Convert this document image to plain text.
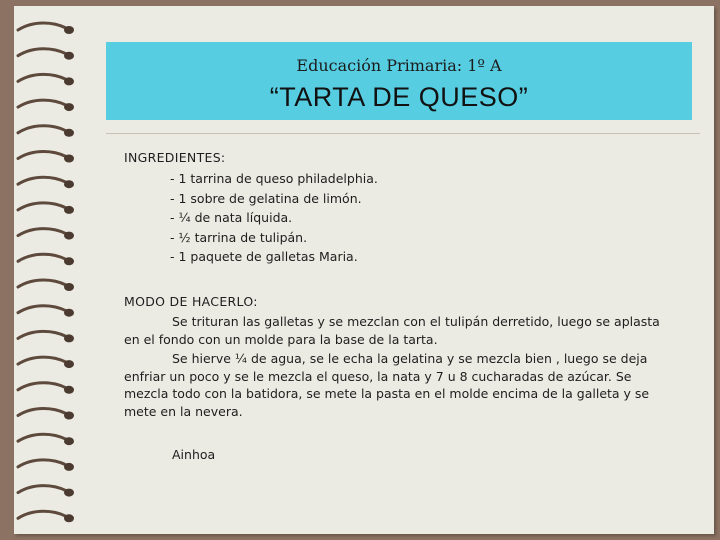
Educación Primaria: 1º A
“TARTA DE QUESO”
INGREDIENTES:
- 1 tarrina de queso philadelphia.
- 1 sobre de gelatina de limón.
- ¼ de nata líquida.
- ½ tarrina de tulipán.
- 1 paquete de galletas Maria.
MODO DE HACERLO:

Se trituran las galletas y se mezclan con el tulipán derretido, luego se aplasta en el fondo con un molde para la base de la tarta.

Se hierve ¼ de agua, se le echa la gelatina y se mezcla bien , luego se deja enfriar un poco y se le mezcla el queso, la nata y 7 u 8 cucharadas de azúcar. Se mezcla todo con la batidora, se mete la pasta en el molde encima de la galleta y se mete en la nevera.

Ainhoa
